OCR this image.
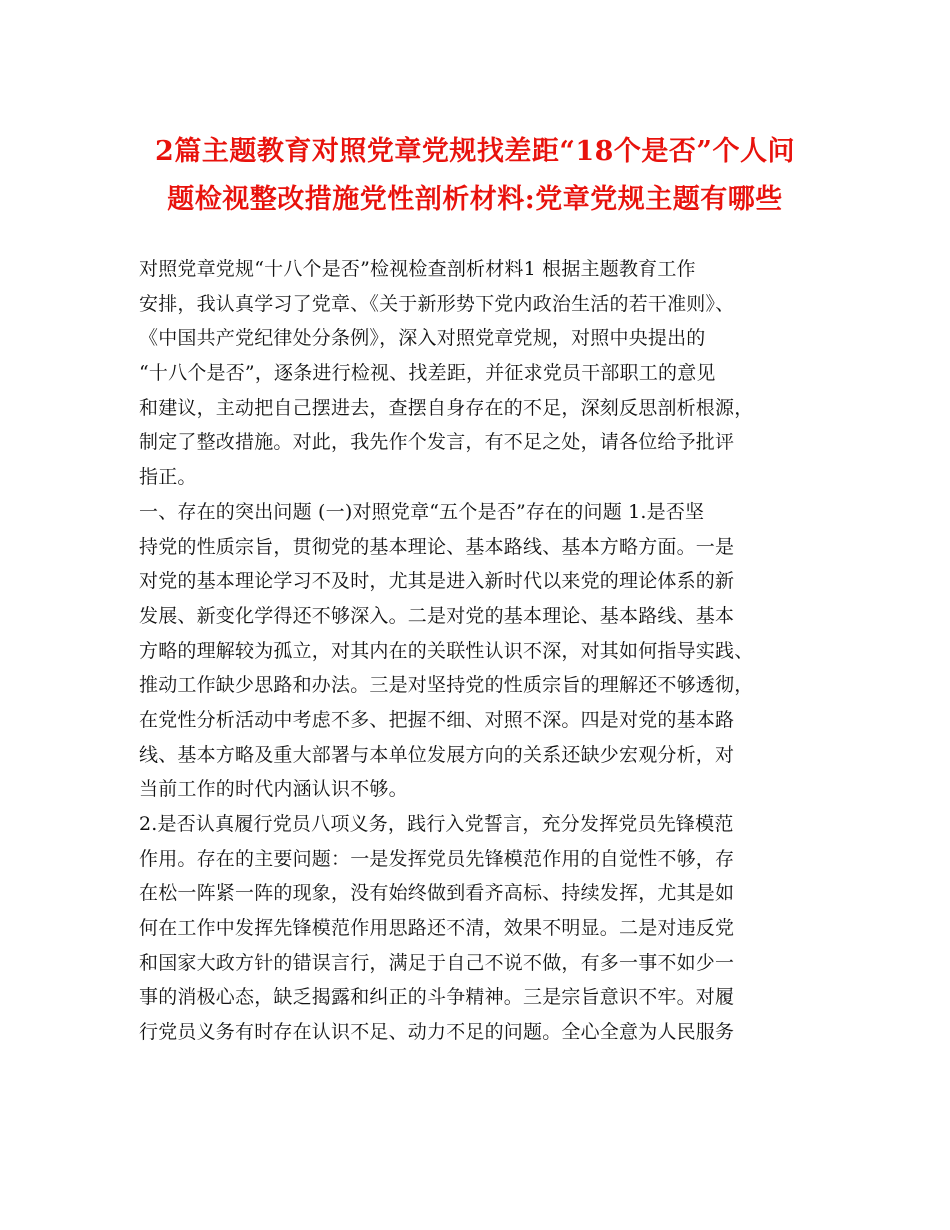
2篇主题教育对照党章党规找差距“18个是否”个人问
题检视整改措施党性剖析材料:党章党规主题有哪些
对照党章党规“十八个是否”检视检查剖析材料1 根据主题教育工作
安排，我认真学习了党章、《关于新形势下党内政治生活的若干准则》、
《中国共产党纪律处分条例》，深入对照党章党规，对照中央提出的
“十八个是否”，逐条进行检视、找差距，并征求党员干部职工的意见
和建议，主动把自己摆进去，查摆自身存在的不足，深刻反思剖析根源，
制定了整改措施。对此，我先作个发言，有不足之处，请各位给予批评
指正。
一、存在的突出问题 (一)对照党章“五个是否”存在的问题 1.是否坚
持党的性质宗旨，贯彻党的基本理论、基本路线、基本方略方面。一是
对党的基本理论学习不及时，尤其是进入新时代以来党的理论体系的新
发展、新变化学得还不够深入。二是对党的基本理论、基本路线、基本
方略的理解较为孤立，对其内在的关联性认识不深，对其如何指导实践、
推动工作缺少思路和办法。三是对坚持党的性质宗旨的理解还不够透彻，
在党性分析活动中考虑不多、把握不细、对照不深。四是对党的基本路
线、基本方略及重大部署与本单位发展方向的关系还缺少宏观分析，对
当前工作的时代内涵认识不够。
2.是否认真履行党员八项义务，践行入党誓言，充分发挥党员先锋模范
作用。存在的主要问题：一是发挥党员先锋模范作用的自觉性不够，存
在松一阵紧一阵的现象，没有始终做到看齐高标、持续发挥，尤其是如
何在工作中发挥先锋模范作用思路还不清，效果不明显。二是对违反党
和国家大政方针的错误言行，满足于自己不说不做，有多一事不如少一
事的消极心态，缺乏揭露和纠正的斗争精神。三是宗旨意识不牢。对履
行党员义务有时存在认识不足、动力不足的问题。全心全意为人民服务
